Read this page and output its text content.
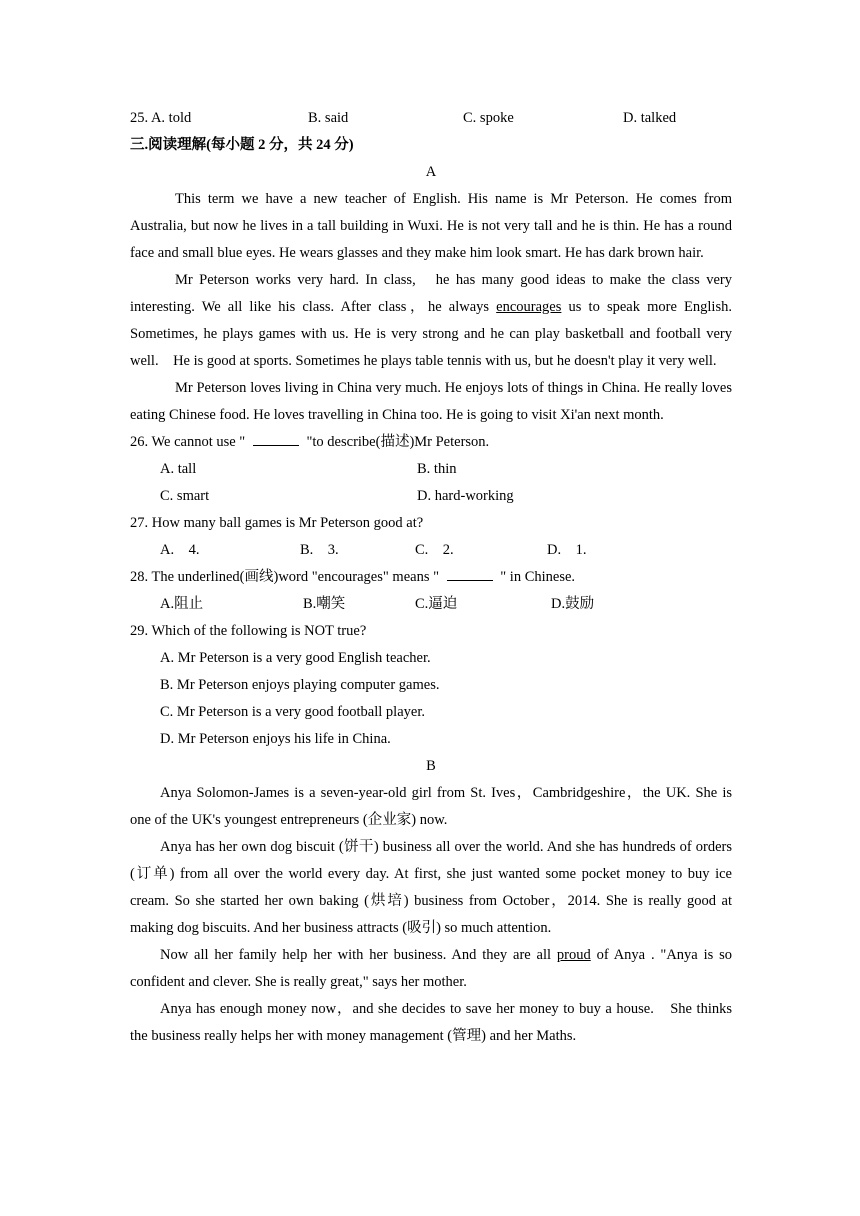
25. A. told	B. said	C. spoke	D. talked
三.阅读理解(每小题 2 分，共 24 分)
A
This term we have a new teacher of English. His name is Mr Peterson. He comes from Australia, but now he lives in a tall building in Wuxi. He is not very tall and he is thin. He has a round face and small blue eyes. He wears glasses and they make him look smart. He has dark brown hair.
Mr Peterson works very hard. In class,　he has many good ideas to make the class very interesting. We all like his class. After class，he always encourages us to speak more English. Sometimes, he plays games with us. He is very strong and he can play basketball and football very well.　He is good at sports. Sometimes he plays table tennis with us, but he doesn't play it very well.
Mr Peterson loves living in China very much. He enjoys lots of things in China. He really loves eating Chinese food. He loves travelling in China too. He is going to visit Xi'an next month.
26. We cannot use "	"to describe(描述)Mr Peterson.
A. tall	B. thin
C. smart	D. hard-working
27. How many ball games is Mr Peterson good at?
A.　4.	B.　3.	C.　2.	D.　1.
28. The underlined(画线)word "encourages" means "	" in Chinese.
A.阻止	B.嘲笑	C.逼迫	D.鼓励
29. Which of the following is NOT true?
A. Mr Peterson is a very good English teacher.
B. Mr Peterson enjoys playing computer games.
C. Mr Peterson is a very good football player.
D. Mr Peterson enjoys his life in China.
B
Anya Solomon-James is a seven-year-old girl from St. Ives，Cambridgeshire，the UK. She is one of the UK's youngest entrepreneurs (企业家) now.
Anya has her own dog biscuit (饼干) business all over the world. And she has hundreds of orders (订单) from all over the world every day. At first, she just wanted some pocket money to buy ice cream. So she started her own baking (烘培) business from October，2014. She is really good at making dog biscuits. And her business attracts (吸引) so much attention.
Now all her family help her with her business. And they are all proud of Anya . "Anya is so confident and clever. She is really great," says her mother.
Anya has enough money now，and she decides to save her money to buy a house.　She thinks the business really helps her with money management (管理) and her Maths.
